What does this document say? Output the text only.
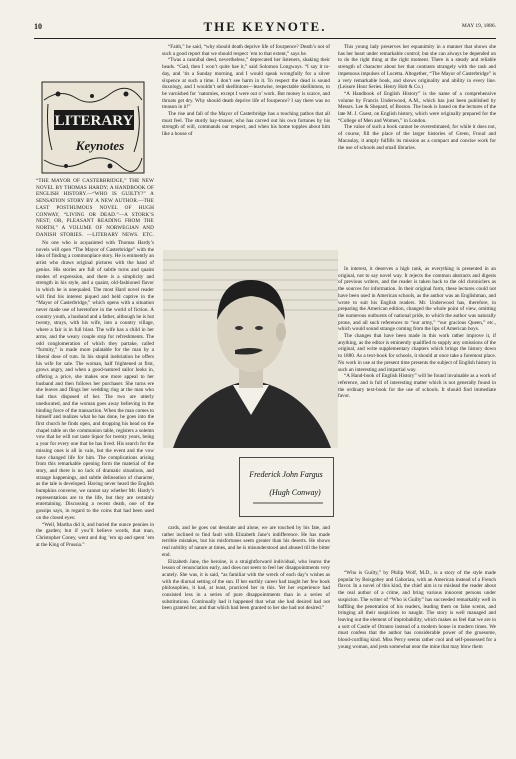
10	THE KEYNOTE.	MAY 19, 1886.
LITERARY
Keynotes
“THE MAYOR OF CASTERBRIDGE,” THE NEW NOVEL BY THOMAS HARDY; A HANDBOOK OF ENGLISH HISTORY.—“WHO IS GUILTY?” A SENSATION STORY BY A NEW AUTHOR.—THE LAST POSTHUMOUS NOVEL OF HUGH CONWAY, “LIVING OR DEAD.”—A STORK’S NEST; OR, PLEASANT READING FROM THE NORTH,” A VOLUME OF NORWEGIAN AND DANISH STORIES. —LITERARY NEWS, ETC.

No one who is acquainted with Thomas Hardy’s novels will open “The Mayor of Casterbridge” with the idea of finding a commonplace story. He is eminently an artist who draws original pictures with the hand of genius. His stories are full of subtle turns and quaint modes of expression, and there is a simplicity and strength in his style, and a quaint, old-fashioned flavor in which he is unequaled. The most Hard novel reader will find his interest piqued and held captive in the “Mayor of Casterbridge,” which opens with a situation never made use of heretofore in the world of fiction. A country youth, a husband and a father, although he is but twenty, strays, with his wife, into a country village, where a fair is in full blast. The wife has a child in her arms, and the weary couple stop for refreshments. The odd conglomeration of which they partake, called “furmity,” is made more palatable for the man by a liberal dose of rum. In his stupid inebriation he offers his wife for sale. The woman, half frightened at first, grows angry, and when a good-natured sailor looks in, offering a price, she makes one more appeal to her husband and then follows her purchaser. She turns ere she leaves and flings her wedding ring at the man who had thus disposed of her. The two are utterly uneducated, and the woman goes away believing in the binding force of the transaction. When the man comes to himself and realizes what he has done, he goes into the first church he finds open, and dropping his head on the chapel table on the communion table, registers a solemn vow that he will not taste liquor for twenty years, being a year for every one that he has lived. His search for the missing ones is all in vain, but the event and the vow have changed life for him. The complications arising from this remarkable opening form the material of the story, and there is no lack of dramatic situations, and strange happenings, and subtle delineation of character, as the tale is developed. Having never heard the English bumpkins converse, we cannot say whether Mr. Hardy’s representations are to the life, but they are certainly entertaining. Discussing a recent death, one of the gossips says, in regard to the coins that had been used on the closed eyes:

“Well, Martha did it, and buried the ounce pennies in the garden; but if you’ll believe words, that man, Christopher Coney, went and dug ’em up and spent ’em at the King of Prussia.”

“Faith,” he said, “why should death deprive life of fourpence? Death’s not of such a good report that we should respect ’em to that extent,” says he.

“Twas a cannibal deed, nevertheless,” deprecated her listeners, shaking their heads. “Gad, then I won’t quite hae it,” said Solomon Longways. “I say it to-day, and ’tis a Sunday morning, and I would speak wrongfully for a silver sixpence at such a time. I don’t see harm in it. To respect the dead is sound doxology, and I wouldn’t sell skellintons—leastwise, respectable skellintons, to be varnished for ’natomies, except I were out o’ work. But money is scarce, and throats get dry. Why should death deprive life of fourpence? I say there was no treason in it!”

The rise and fall of the Mayor of Casterbridge has a touching pathos that all must feel. The sturdy hay-trusser, who has carved out his own fortunes by his strength of will, commands our respect, and when his home topples about him like a house of

Frederick John Fargus
(Hugh Conway)

cards, and he goes out desolate and alone, we are touched by his fate, and rather inclined to find fault with Elizabeth Jane’s indifference. He has made terrible mistakes, but his misfortunes seem greater than his deserts. He shows real nobility of nature at times, and he is misunderstood and abused till the bitter end.

Elizabeth Jane, the heroine, is a straightforward individual, who learns the lesson of renunciation early, and does not seem to feel her disappointments very acutely. She was, it is said, “as familiar with the wreck of each day’s wishes as with the diurnal setting of the sun. If her earthly career had taught her few book philosophies, it had, at least, practiced her in this. Yet her experience had consisted less in a series of pure disappointments than in a series of substitutions. Continually had it happened that what she had desired had not been granted her, and that which had been granted to her she had not desired.”

This young lady preserves her equanimity in a manner that shows she has her heart under remarkable control; but she can always be depended on to do the right thing at the right moment. There is a steady and reliable strength of character about her that contrasts strangely with the rash and impetuous impulses of Lucetta. Altogether, “The Mayor of Casterbridge” is a very remarkable book, and shows originality and ability in every line. (Leisure Hour Series. Henry Holt & Co.)

“A Handbook of English History” is the name of a comprehensive volume by Francis Underwood, A.M., which has just been published by Messrs. Lee & Shepard, of Boston. The book is based on the lectures of the late M. J. Guest, on English history, which were originally prepared for the “College of Men and Women,” in London.

The value of such a book cannot be overestimated, for while it does not, of course, fill the place of the larger histories of Green, Froud and Macaulay, it amply fulfills its mission as a compact and concise work for the use of schools and small libraries.

In interest, it deserves a high rank, as everything is presented in an original, not to say novel way. It rejects the common abstracts and digests of previous writers, and the reader is taken back to the old chroniclers as the sources for information. In their original form, these lectures could not have been used in American schools, as the author was an Englishman, and wrote to suit his English readers. Mr. Underwood has, therefore, in preparing the American edition, changed the whole point of view, omitting the numerous outbursts of national pride, to which the author was naturally prone, and all such references to “our army,” “our gracious Queen,” etc., which would sound strange coming from the lips of American boys.

The changes that have been made in this work rather improve it, if anything, as the editor is eminently qualified to supply any omissions of the original, and write supplementary chapters which brings the history down to 1880. As a text-book for schools, it should at once take a foremost place. No work in use at the present time presents the subject of English history in such an interesting and impartial way.

“A Hand-book of English History” will be found invaluable as a work of reference, and is full of interesting matter which is not generally found in the ordinary text-book for the use of schools. It should find immediate favor.

“Who is Guilty,” by Philip Wolf, M.D., is a story of the style made popular by Boisgobey and Gaboriau, with an American instead of a French flavor. In a novel of this kind, the chief aim is to mislead the reader about the real author of a crime, and bring various innocent persons under suspicion. The writer of “Who is Guilty” has succeeded remarkably well in baffling the penetration of his readers, leading them on false scents, and bringing all their suspicions to naught. The story is well managed and leaving out the element of improbability, which makes us feel that we are in a sort of Castle of Otranto instead of a modern house in modern times. We must confess that the author has considerable power of the gruesome, blood-curdling kind. Miss Percy seems rather cool and self-possessed for a young woman, and jests somewhat near the mine that may blow them
